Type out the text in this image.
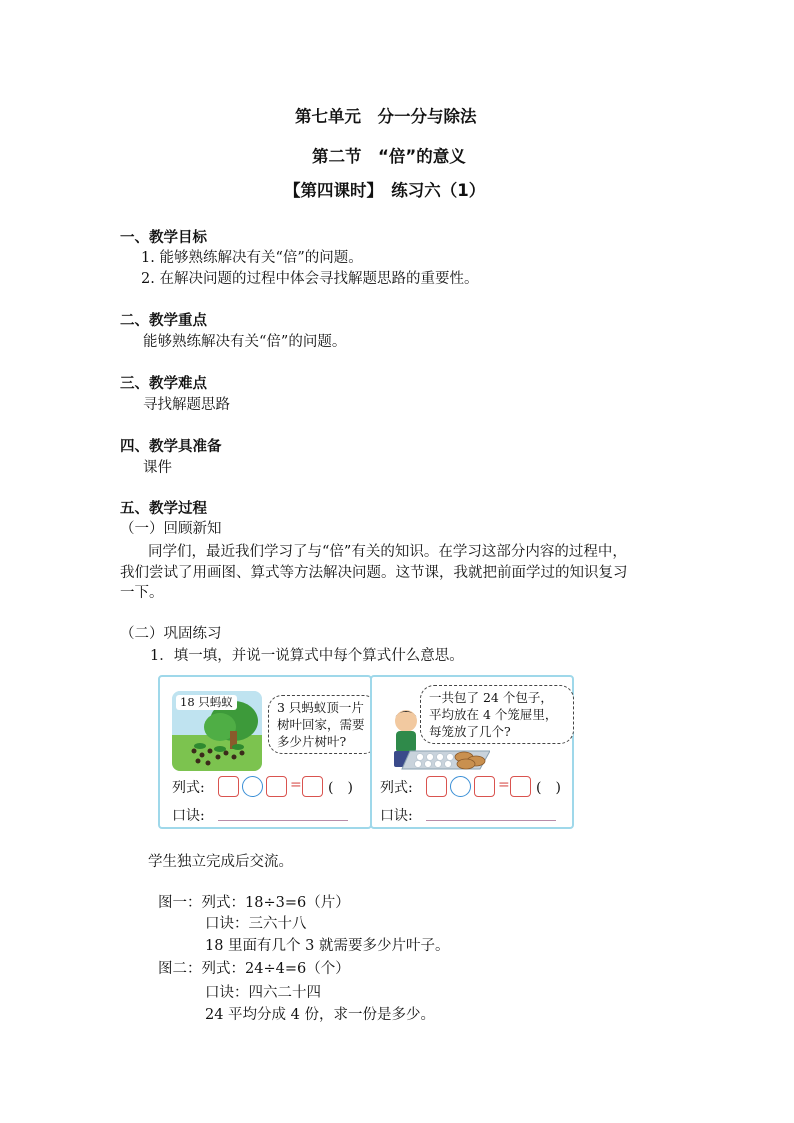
第七单元　分一分与除法
第二节　“倍”的意义
【第四课时】　练习六（1）
一、教学目标
1. 能够熟练解决有关“倍”的问题。
2. 在解决问题的过程中体会寻找解题思路的重要性。
二、教学重点
能够熟练解决有关“倍”的问题。
三、教学难点
寻找解题思路
四、教学具准备
课件
五、教学过程
（一）回顾新知
同学们，最近我们学习了与“倍”有关的知识。在学习这部分内容的过程中，
我们尝试了用画图、算式等方法解决问题。这节课，我就把前面学过的知识复习
一下。
（二）巩固练习
1．填一填，并说一说算式中每个算式什么意思。
18 只蚂蚁	3 只蚂蚁顶一片
树叶回家，需要
多少片树叶?
列式:	= (　)
口诀:
一共包了 24 个包子，
平均放在 4 个笼屉里，
每笼放了几个?
列式:	= (　)
口诀:
学生独立完成后交流。
图一：列式：18÷3=6（片）
口诀：三六十八
18 里面有几个 3 就需要多少片叶子。
图二：列式：24÷4=6（个）
口诀：四六二十四
24 平均分成 4 份，求一份是多少。
